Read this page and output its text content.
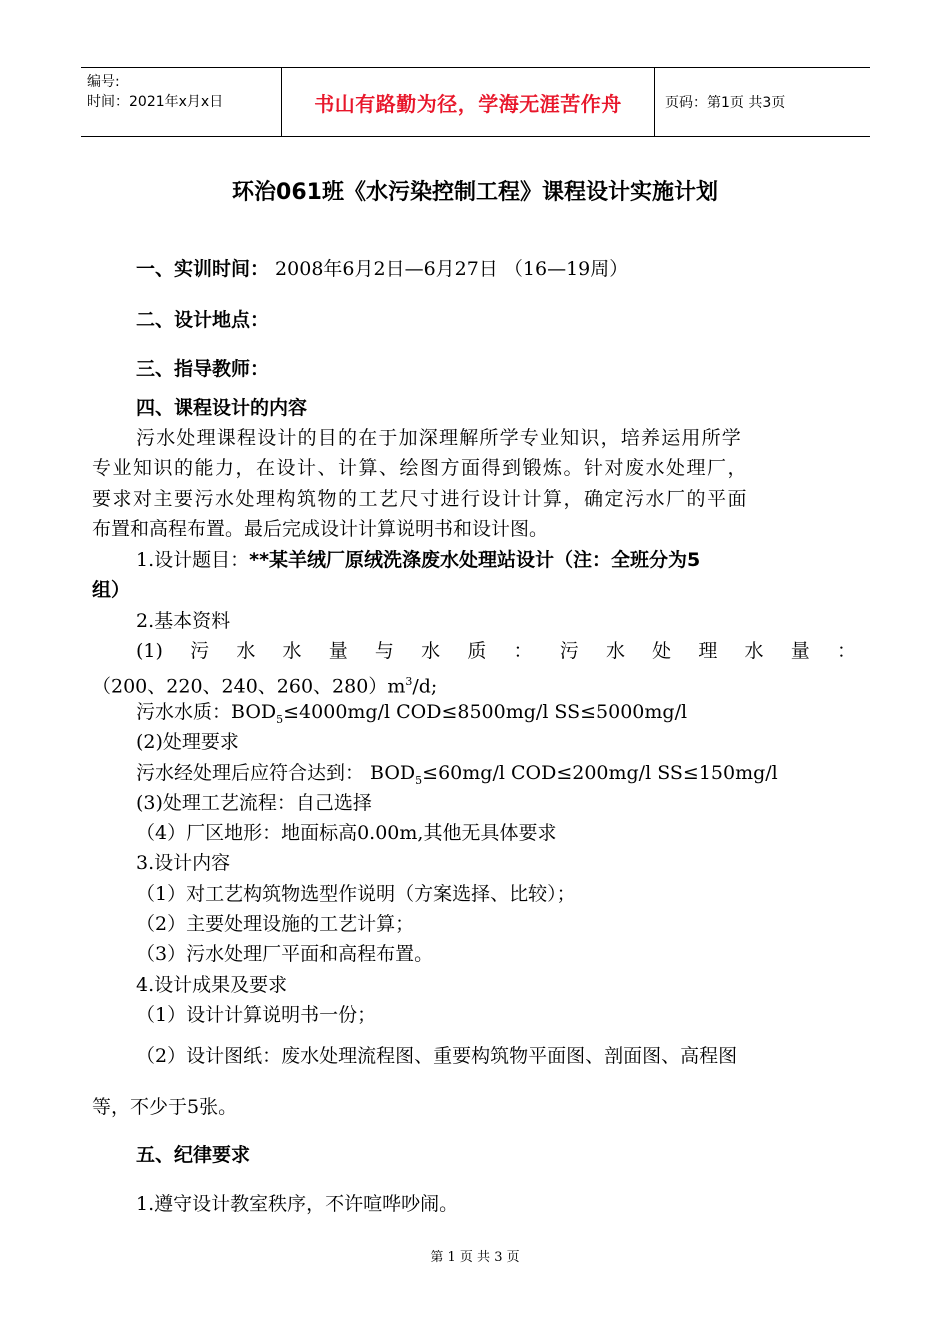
编号:
时间：2021年x月x日	书山有路勤为径，学海无涯苦作舟	页码：第1页 共3页
环治061班《水污染控制工程》课程设计实施计划
一、实训时间： 2008年6月2日—6月27日 （16—19周）
二、设计地点：
三、指导教师：
四、课程设计的内容
污水处理课程设计的目的在于加深理解所学专业知识，培养运用所学
专业知识的能力，在设计、计算、绘图方面得到锻炼。针对废水处理厂，
要求对主要污水处理构筑物的工艺尺寸进行设计计算，确定污水厂的平面
布置和高程布置。最后完成设计计算说明书和设计图。
1.设计题目：**某羊绒厂原绒洗涤废水处理站设计（注：全班分为5
组）
2.基本资料
(1) 污 水 水 量 与 水 质 ： 污 水 处 理 水 量 ：
（200、220、240、260、$280)m^3/d$;
污水水质：$BOD_5\le 4000mg/l$ COD≤8500mg/l SS≤5000mg/l
(2)处理要求
污水经处理后应符合达到： $BOD_5\le 60mg/l$ COD≤200mg/l SS≤150mg/l
(3)处理工艺流程：自己选择
（4）厂区地形：地面标高0.00m,其他无具体要求
3.设计内容
（1）对工艺构筑物选型作说明（方案选择、比较）；
（2）主要处理设施的工艺计算；
（3）污水处理厂平面和高程布置。
4.设计成果及要求
（1）设计计算说明书一份；
（2）设计图纸：废水处理流程图、重要构筑物平面图、剖面图、高程图
等，不少于5张。
五、纪律要求
1.遵守设计教室秩序，不许喧哗吵闹。
第 1 页 共 3 页
